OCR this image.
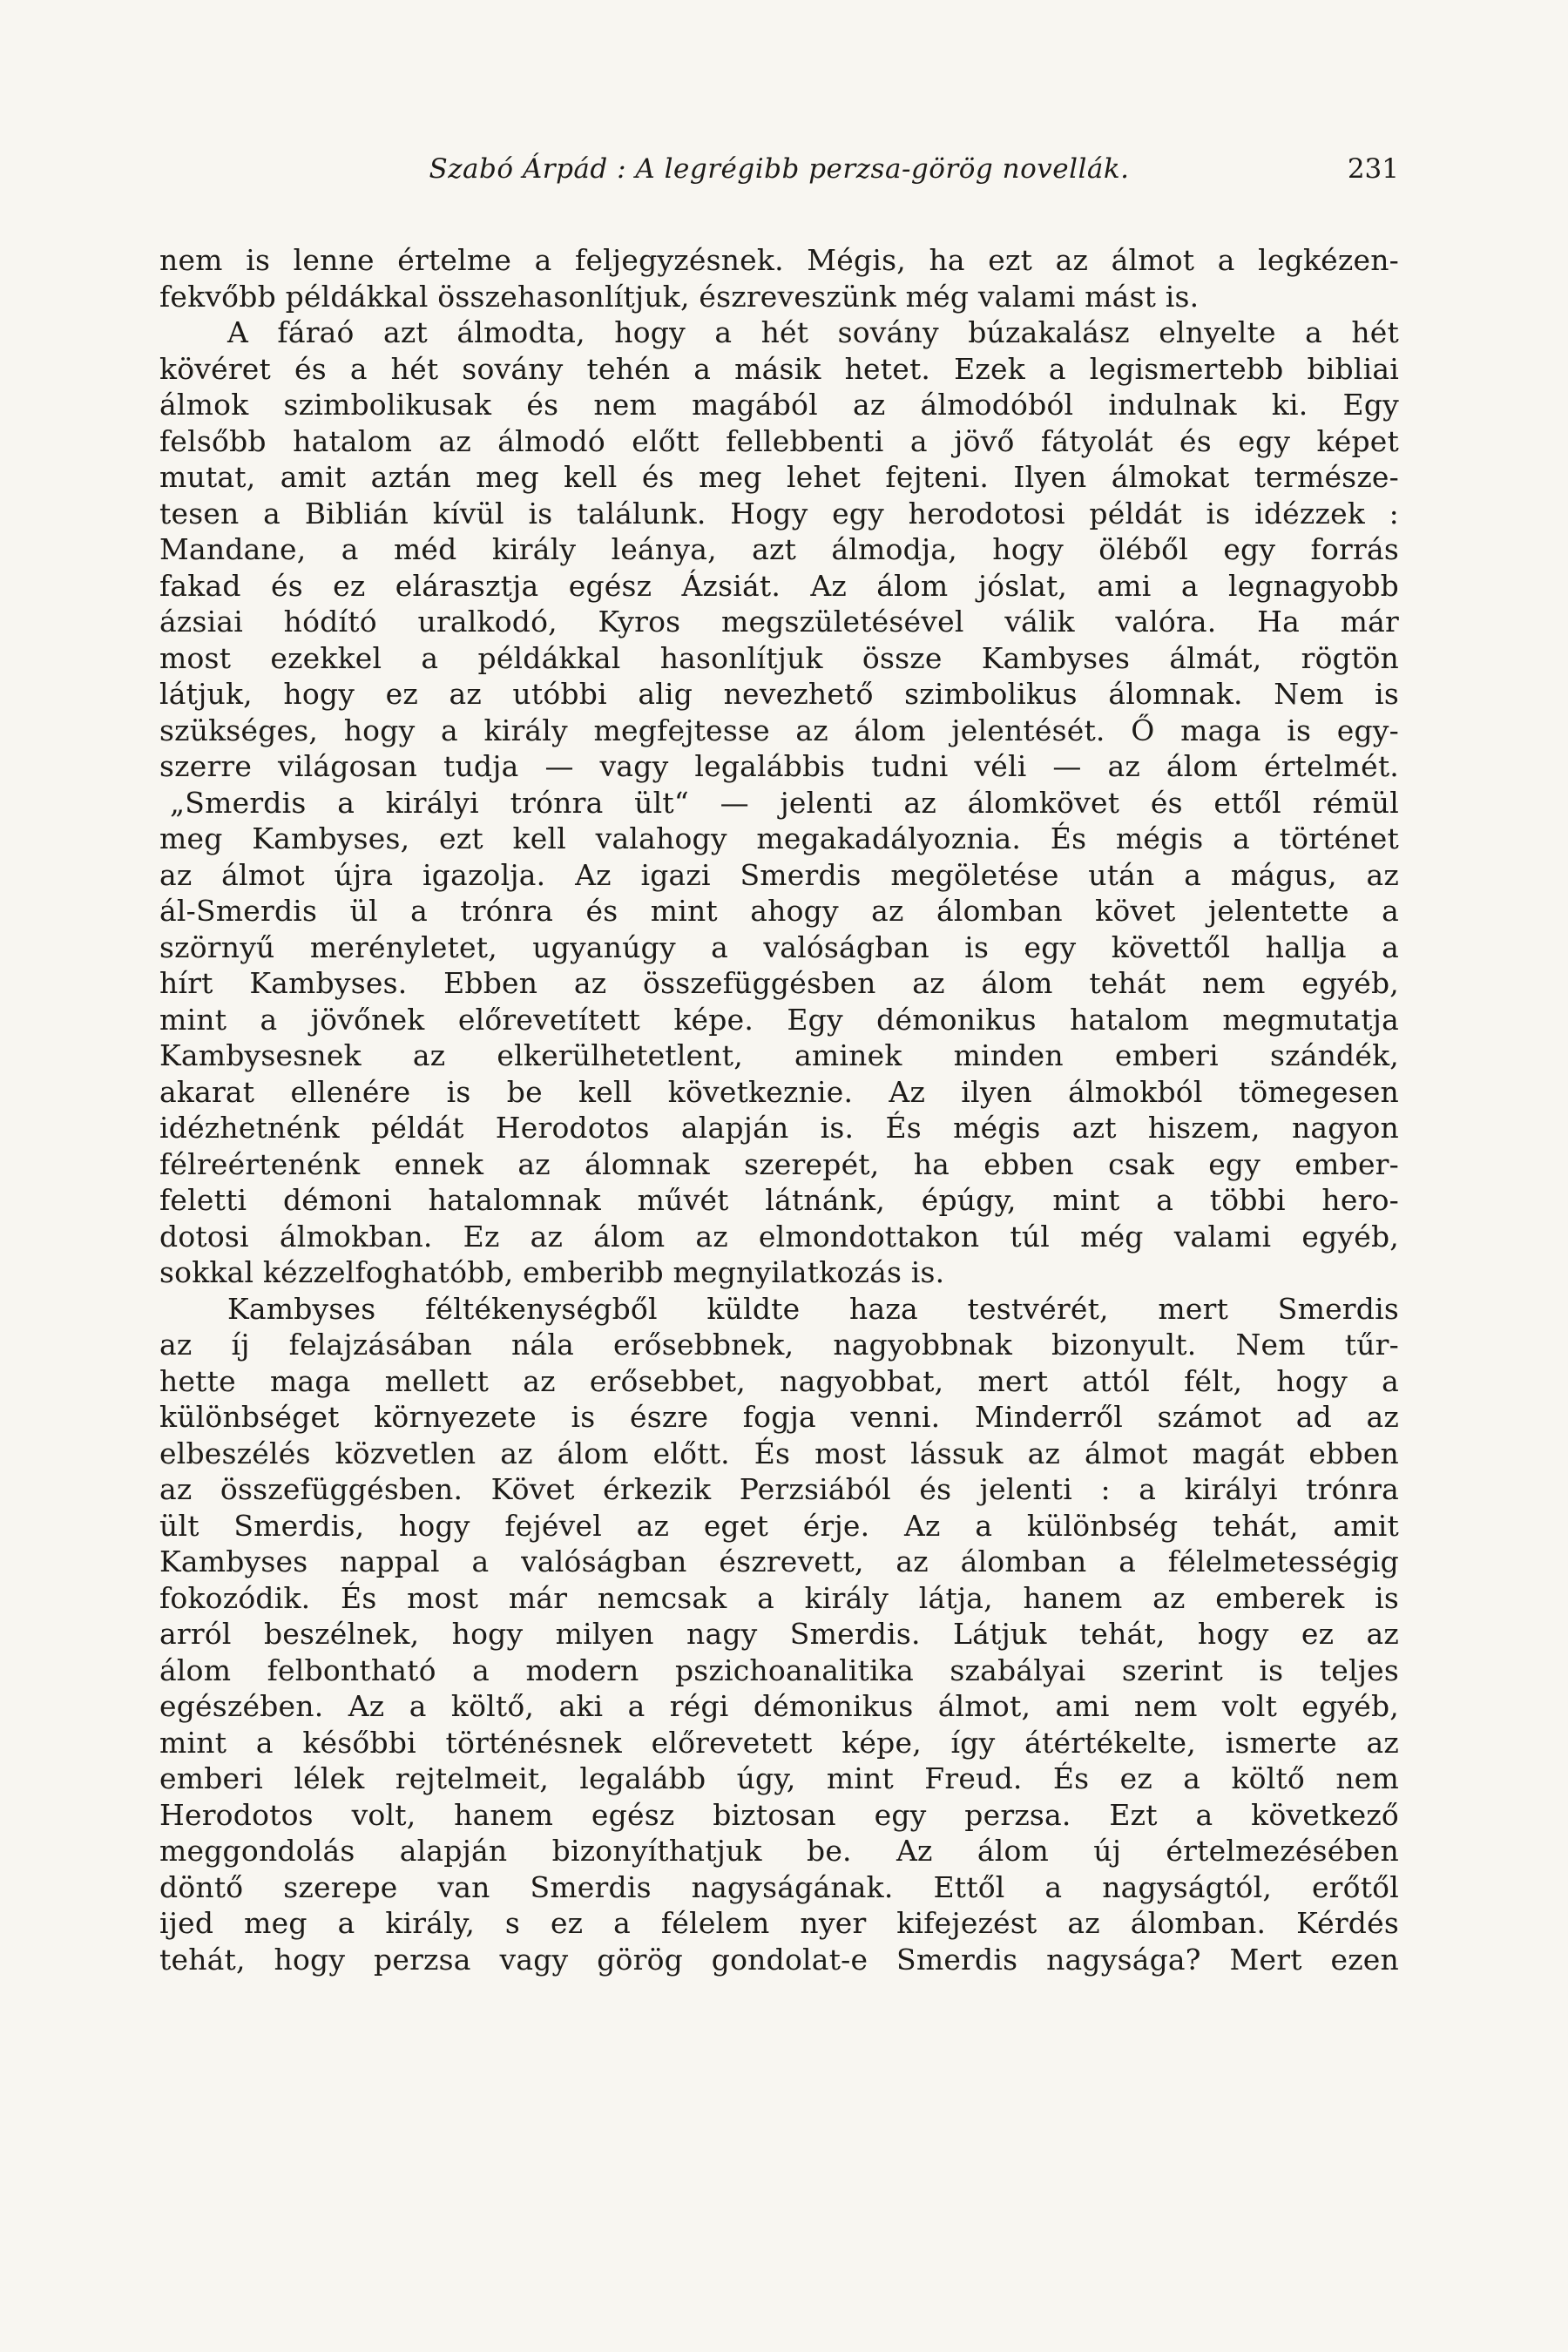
Szabó Árpád : A legrégibb perzsa-görög novellák.	231
nem is lenne értelme a feljegyzésnek. Mégis, ha ezt az álmot a legkézen-
fekvőbb példákkal összehasonlítjuk, észreveszünk még valami mást is.
A fáraó azt álmodta, hogy a hét sovány búzakalász elnyelte a hét
kövéret és a hét sovány tehén a másik hetet. Ezek a legismertebb bibliai
álmok szimbolikusak és nem magából az álmodóból indulnak ki. Egy
felsőbb hatalom az álmodó előtt fellebbenti a jövő fátyolát és egy képet
mutat, amit aztán meg kell és meg lehet fejteni. Ilyen álmokat természe-
tesen a Biblián kívül is találunk. Hogy egy herodotosi példát is idézzek :
Mandane, a méd király leánya, azt álmodja, hogy öléből egy forrás
fakad és ez elárasztja egész Ázsiát. Az álom jóslat, ami a legnagyobb
ázsiai hódító uralkodó, Kyros megszületésével válik valóra. Ha már
most ezekkel a példákkal hasonlítjuk össze Kambyses álmát, rögtön
látjuk, hogy ez az utóbbi alig nevezhető szimbolikus álomnak. Nem is
szükséges, hogy a király megfejtesse az álom jelentését. Ő maga is egy-
szerre világosan tudja — vagy legalábbis tudni véli — az álom értelmét.
„Smerdis a királyi trónra ült“ — jelenti az álomkövet és ettől rémül
meg Kambyses, ezt kell valahogy megakadályoznia. És mégis a történet
az álmot újra igazolja. Az igazi Smerdis megöletése után a mágus, az
ál-Smerdis ül a trónra és mint ahogy az álomban követ jelentette a
szörnyű merényletet, ugyanúgy a valóságban is egy követtől hallja a
hírt Kambyses. Ebben az összefüggésben az álom tehát nem egyéb,
mint a jövőnek előrevetített képe. Egy démonikus hatalom megmutatja
Kambysesnek az elkerülhetetlent, aminek minden emberi szándék,
akarat ellenére is be kell következnie. Az ilyen álmokból tömegesen
idézhetnénk példát Herodotos alapján is. És mégis azt hiszem, nagyon
félreértenénk ennek az álomnak szerepét, ha ebben csak egy ember-
feletti démoni hatalomnak művét látnánk, épúgy, mint a többi hero-
dotosi álmokban. Ez az álom az elmondottakon túl még valami egyéb,
sokkal kézzelfoghatóbb, emberibb megnyilatkozás is.
Kambyses féltékenységből küldte haza testvérét, mert Smerdis
az íj felajzásában nála erősebbnek, nagyobbnak bizonyult. Nem tűr-
hette maga mellett az erősebbet, nagyobbat, mert attól félt, hogy a
különbséget környezete is észre fogja venni. Minderről számot ad az
elbeszélés közvetlen az álom előtt. És most lássuk az álmot magát ebben
az összefüggésben. Követ érkezik Perzsiából és jelenti : a királyi trónra
ült Smerdis, hogy fejével az eget érje. Az a különbség tehát, amit
Kambyses nappal a valóságban észrevett, az álomban a félelmetességig
fokozódik. És most már nemcsak a király látja, hanem az emberek is
arról beszélnek, hogy milyen nagy Smerdis. Látjuk tehát, hogy ez az
álom felbontható a modern pszichoanalitika szabályai szerint is teljes
egészében. Az a költő, aki a régi démonikus álmot, ami nem volt egyéb,
mint a későbbi történésnek előrevetett képe, így átértékelte, ismerte az
emberi lélek rejtelmeit, legalább úgy, mint Freud. És ez a költő nem
Herodotos volt, hanem egész biztosan egy perzsa. Ezt a következő
meggondolás alapján bizonyíthatjuk be. Az álom új értelmezésében
döntő szerepe van Smerdis nagyságának. Ettől a nagyságtól, erőtől
ijed meg a király, s ez a félelem nyer kifejezést az álomban. Kérdés
tehát, hogy perzsa vagy görög gondolat-e Smerdis nagysága? Mert ezen
